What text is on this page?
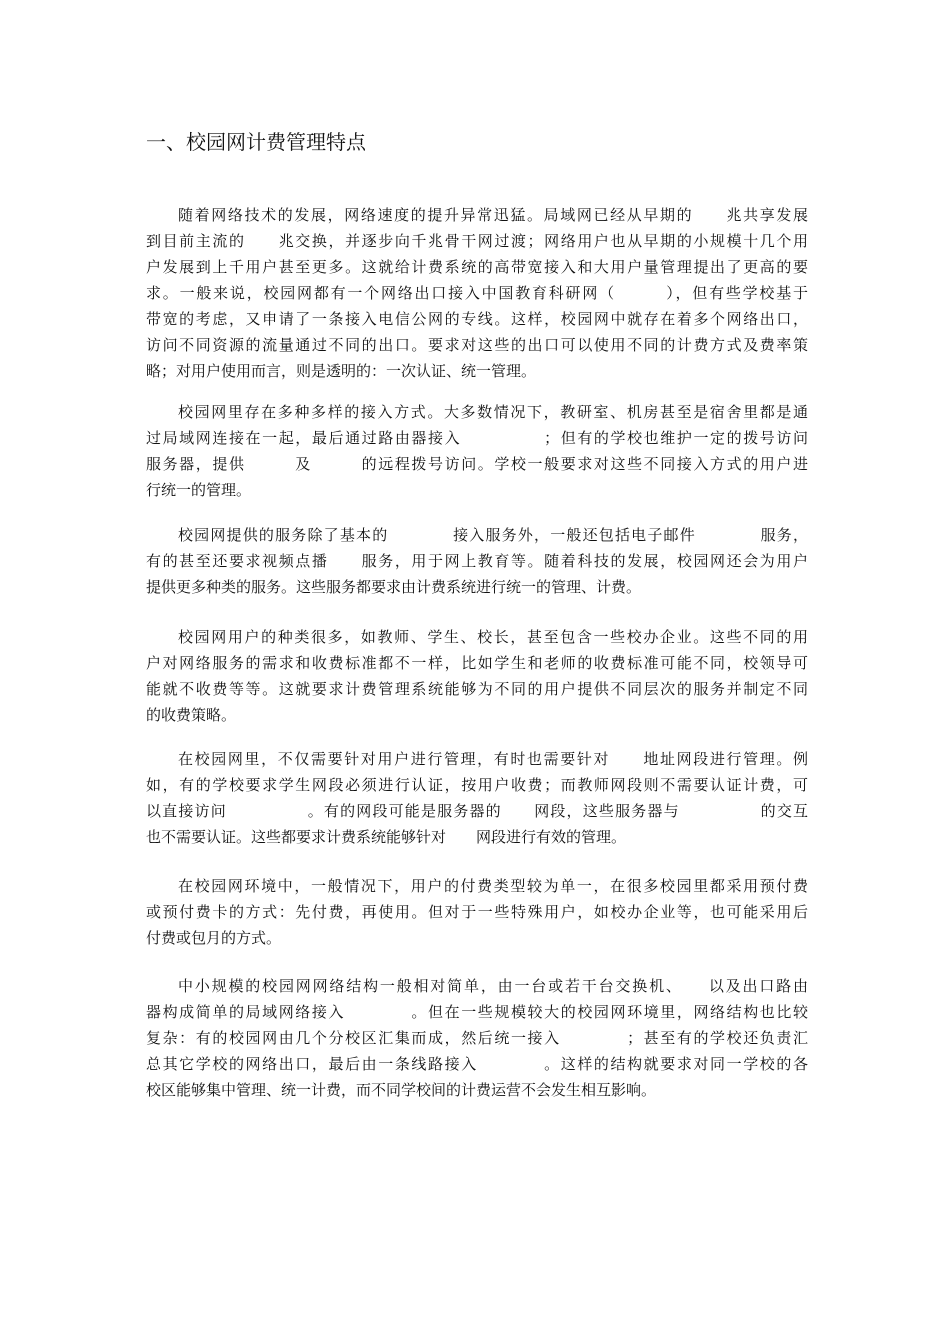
一、校园网计费管理特点
随着网络技术的发展，网络速度的提升异常迅猛。局域网已经从早期的　　兆共享发展
到目前主流的　　兆交换，并逐步向千兆骨干网过渡；网络用户也从早期的小规模十几个用
户发展到上千用户甚至更多。这就给计费系统的高带宽接入和大用户量管理提出了更高的要
求。一般来说，校园网都有一个网络出口接入中国教育科研网（　　　），但有些学校基于
带宽的考虑，又申请了一条接入电信公网的专线。这样，校园网中就存在着多个网络出口，
访问不同资源的流量通过不同的出口。要求对这些的出口可以使用不同的计费方式及费率策
略；对用户使用而言，则是透明的：一次认证、统一管理。
校园网里存在多种多样的接入方式。大多数情况下，教研室、机房甚至是宿舍里都是通
过局域网连接在一起，最后通过路由器接入　　　　　；但有的学校也维护一定的拨号访问
服务器，提供　　　及　　　的远程拨号访问。学校一般要求对这些不同接入方式的用户进
行统一的管理。
校园网提供的服务除了基本的　　　　接入服务外，一般还包括电子邮件　　　　服务，
有的甚至还要求视频点播　　服务，用于网上教育等。随着科技的发展，校园网还会为用户
提供更多种类的服务。这些服务都要求由计费系统进行统一的管理、计费。
校园网用户的种类很多，如教师、学生、校长，甚至包含一些校办企业。这些不同的用
户对网络服务的需求和收费标准都不一样，比如学生和老师的收费标准可能不同，校领导可
能就不收费等等。这就要求计费管理系统能够为不同的用户提供不同层次的服务并制定不同
的收费策略。
在校园网里，不仅需要针对用户进行管理，有时也需要针对　　地址网段进行管理。例
如，有的学校要求学生网段必须进行认证，按用户收费；而教师网段则不需要认证计费，可
以直接访问　　　　　。有的网段可能是服务器的　　网段，这些服务器与　　　　　的交互
也不需要认证。这些都要求计费系统能够针对　　网段进行有效的管理。
在校园网环境中，一般情况下，用户的付费类型较为单一，在很多校园里都采用预付费
或预付费卡的方式：先付费，再使用。但对于一些特殊用户，如校办企业等，也可能采用后
付费或包月的方式。
中小规模的校园网网络结构一般相对简单，由一台或若干台交换机、　　以及出口路由
器构成简单的局域网络接入　　　　。但在一些规模较大的校园网环境里，网络结构也比较
复杂：有的校园网由几个分校区汇集而成，然后统一接入　　　　；甚至有的学校还负责汇
总其它学校的网络出口，最后由一条线路接入　　　　。这样的结构就要求对同一学校的各
校区能够集中管理、统一计费，而不同学校间的计费运营不会发生相互影响。
